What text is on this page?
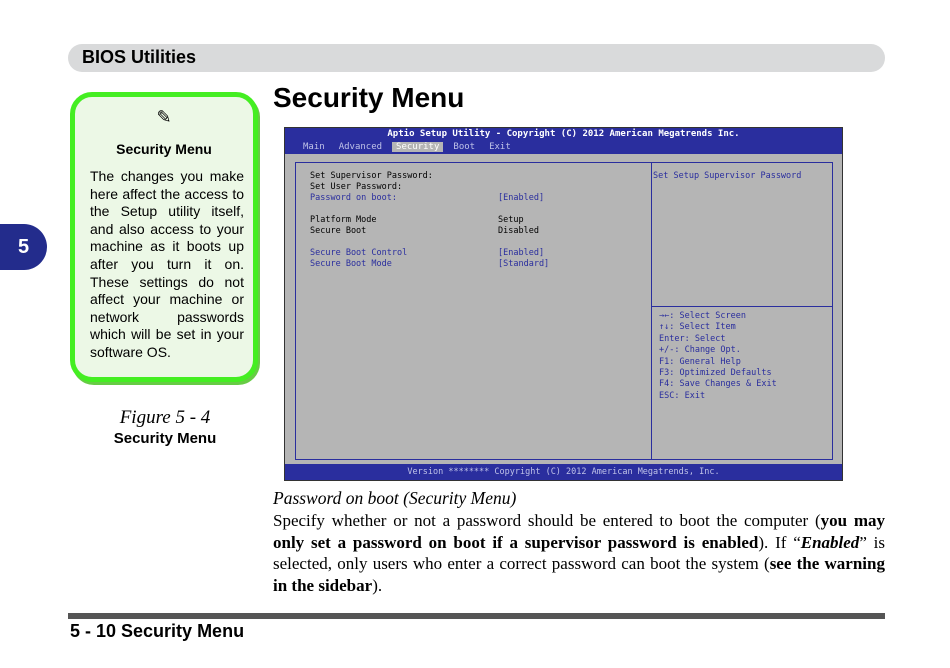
BIOS Utilities
5
Security Menu
✎
Security Menu
The changes you make here affect the access to the Setup utility itself, and also access to your machine as it boots up after you turn it on. These settings do not affect your machine or network passwords which will be set in your software OS.
Figure 5 - 4
Security Menu
Aptio Setup Utility - Copyright (C) 2012 American Megatrends Inc.
Main	Advanced	Security	Boot	Exit
Set Supervisor Password:
Set User Password:
Password on boot:	[Enabled]
Platform Mode	Setup
Secure Boot	Disabled
Secure Boot Control	[Enabled]
Secure Boot Mode	[Standard]
Set Setup Supervisor Password
→←: Select Screen
↑↓: Select Item
Enter: Select
+/-: Change Opt.
F1: General Help
F3: Optimized Defaults
F4: Save Changes & Exit
ESC: Exit
Version ******** Copyright (C) 2012 American Megatrends, Inc.
Password on boot (Security Menu)
Specify whether or not a password should be entered to boot the computer (you may only set a password on boot if a supervisor password is enabled). If “Enabled” is selected, only users who enter a correct password can boot the system (see the warning in the sidebar).
5 - 10 Security Menu
